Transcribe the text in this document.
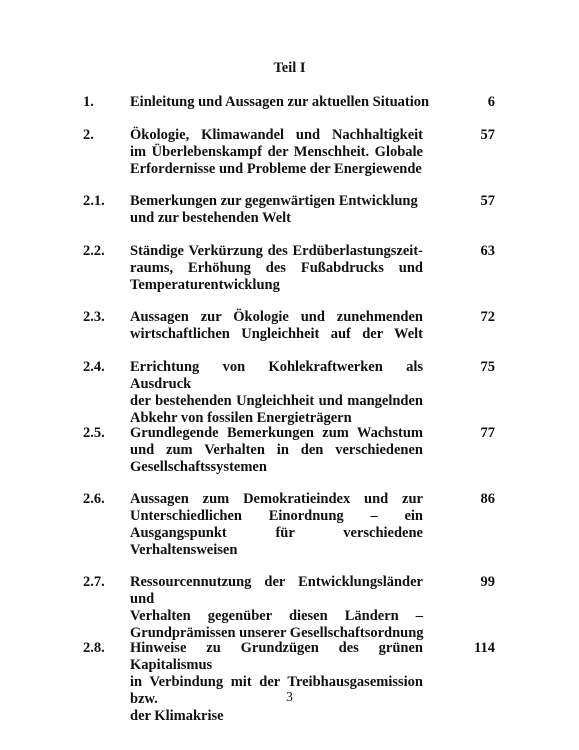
Teil I
1. Einleitung und Aussagen zur aktuellen Situation	6
2. Ökologie, Klimawandel und Nachhaltigkeit
im Überlebenskampf der Menschheit. Globale
Erfordernisse und Probleme der Energiewende
57
2.1. Bemerkungen zur gegenwärtigen Entwicklung
und zur bestehenden Welt
57
2.2. Ständige Verkürzung des Erdüberlastungszeit-
raums, Erhöhung des Fußabdrucks und
Temperaturentwicklung
63
2.3. Aussagen zur Ökologie und zunehmenden
wirtschaftlichen Ungleichheit auf der Welt
72
2.4. Errichtung von Kohlekraftwerken als Ausdruck
der bestehenden Ungleichheit und mangelnden
Abkehr von fossilen Energieträgern
75
2.5. Grundlegende Bemerkungen zum Wachstum
und zum Verhalten in den verschiedenen
Gesellschaftssystemen
77
2.6. Aussagen zum Demokratieindex und zur
Unterschiedlichen Einordnung – ein
Ausgangspunkt für verschiedene
Verhaltensweisen
86
2.7. Ressourcennutzung der Entwicklungsländer und
Verhalten gegenüber diesen Ländern –
Grundprämissen unserer Gesellschaftsordnung
99
2.8. Hinweise zu Grundzügen des grünen Kapitalismus
in Verbindung mit der Treibhausgasemission bzw.
der Klimakrise
114
3
